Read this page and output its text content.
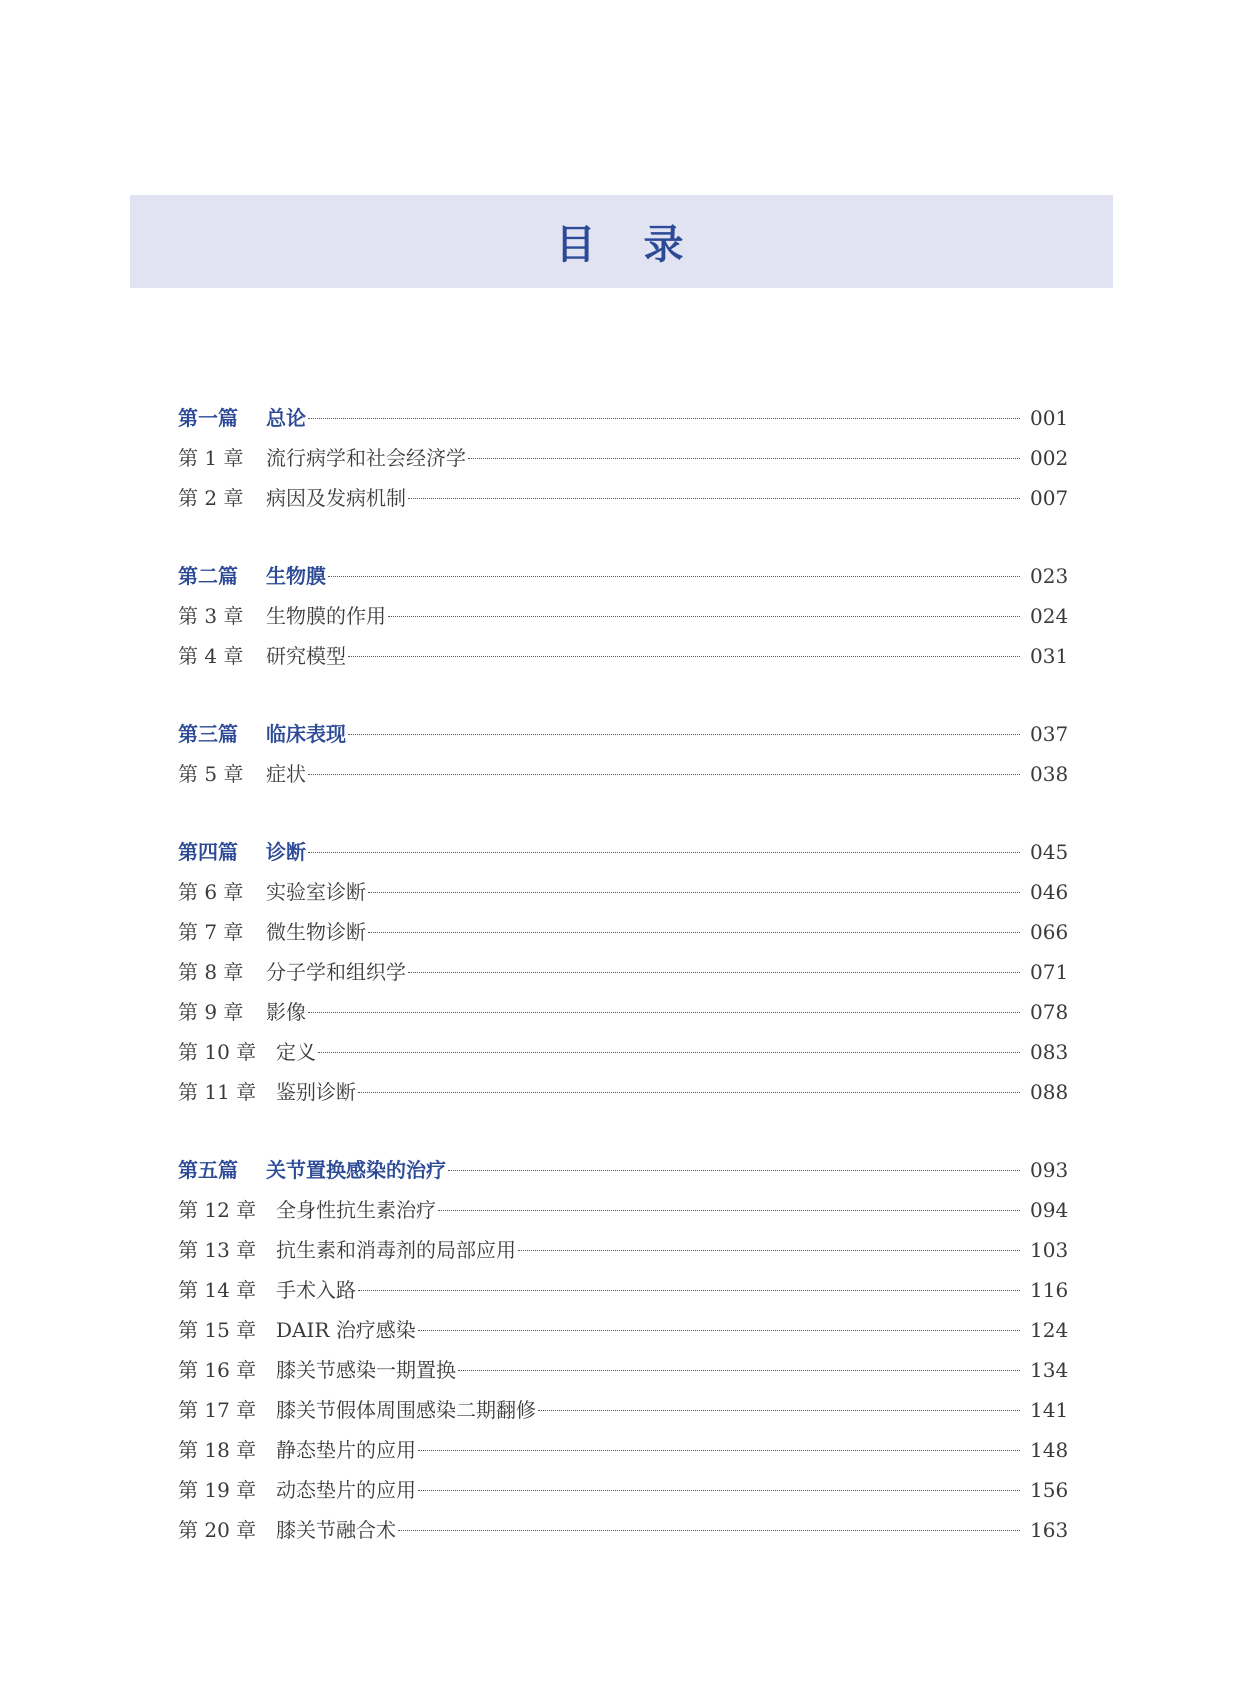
目　录
第一篇	总论	001
第 1 章	流行病学和社会经济学	002
第 2 章	病因及发病机制	007
第二篇	生物膜	023
第 3 章	生物膜的作用	024
第 4 章	研究模型	031
第三篇	临床表现	037
第 5 章	症状	038
第四篇	诊断	045
第 6 章	实验室诊断	046
第 7 章	微生物诊断	066
第 8 章	分子学和组织学	071
第 9 章	影像	078
第 10 章 定义	083
第 11 章 鉴别诊断	088
第五篇	关节置换感染的治疗	093
第 12 章 全身性抗生素治疗	094
第 13 章 抗生素和消毒剂的局部应用	103
第 14 章 手术入路	116
第 15 章 DAIR 治疗感染	124
第 16 章 膝关节感染一期置换	134
第 17 章 膝关节假体周围感染二期翻修	141
第 18 章 静态垫片的应用	148
第 19 章 动态垫片的应用	156
第 20 章 膝关节融合术	163
